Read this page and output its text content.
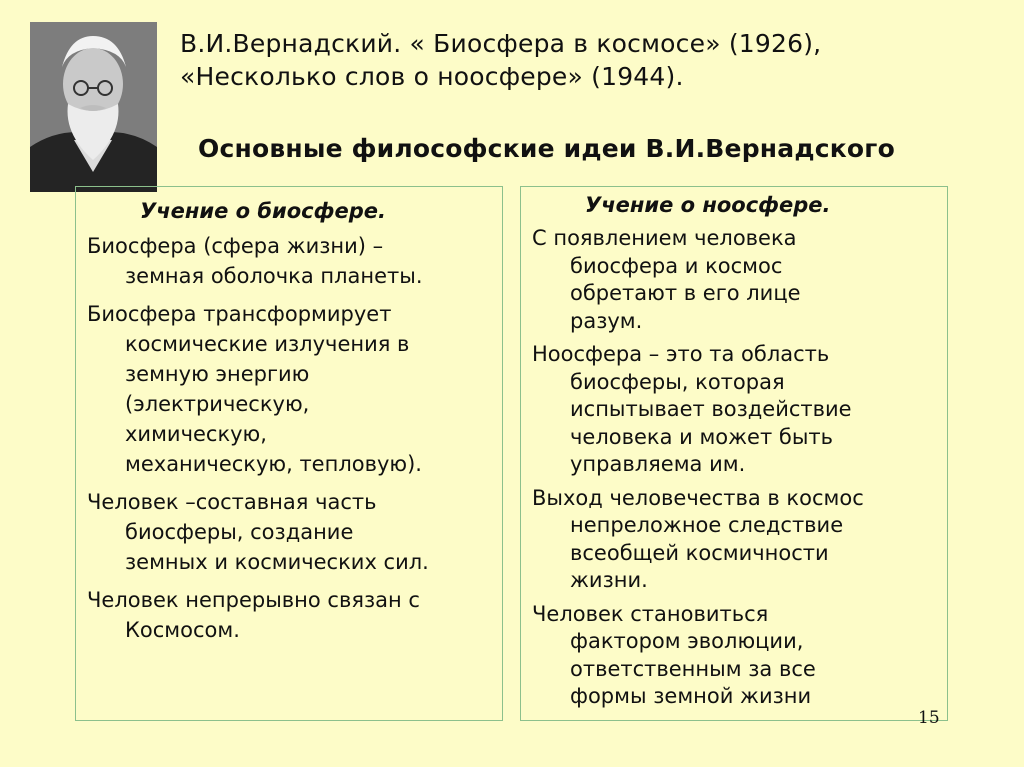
В.И.Вернадский. « Биосфера в космосе» (1926),
«Несколько слов о ноосфере» (1944).
Основные философские идеи В.И.Вернадского
Учение о биосфере.
Биосфера (сфера жизни) –
земная оболочка планеты.
Биосфера трансформирует
космические излучения в
земную энергию
(электрическую,
химическую,
механическую, тепловую).
Человек –составная часть
биосферы, создание
земных и космических сил.
Человек непрерывно связан с
Космосом.
Учение о ноосфере.
С появлением человека
биосфера и космос
обретают в его лице
разум.
Ноосфера – это та область
биосферы, которая
испытывает воздействие
человека и может быть
управляема им.
Выход человечества в космос
непреложное следствие
всеобщей космичности
жизни.
Человек становиться
фактором эволюции,
ответственным за все
формы земной жизни
15
